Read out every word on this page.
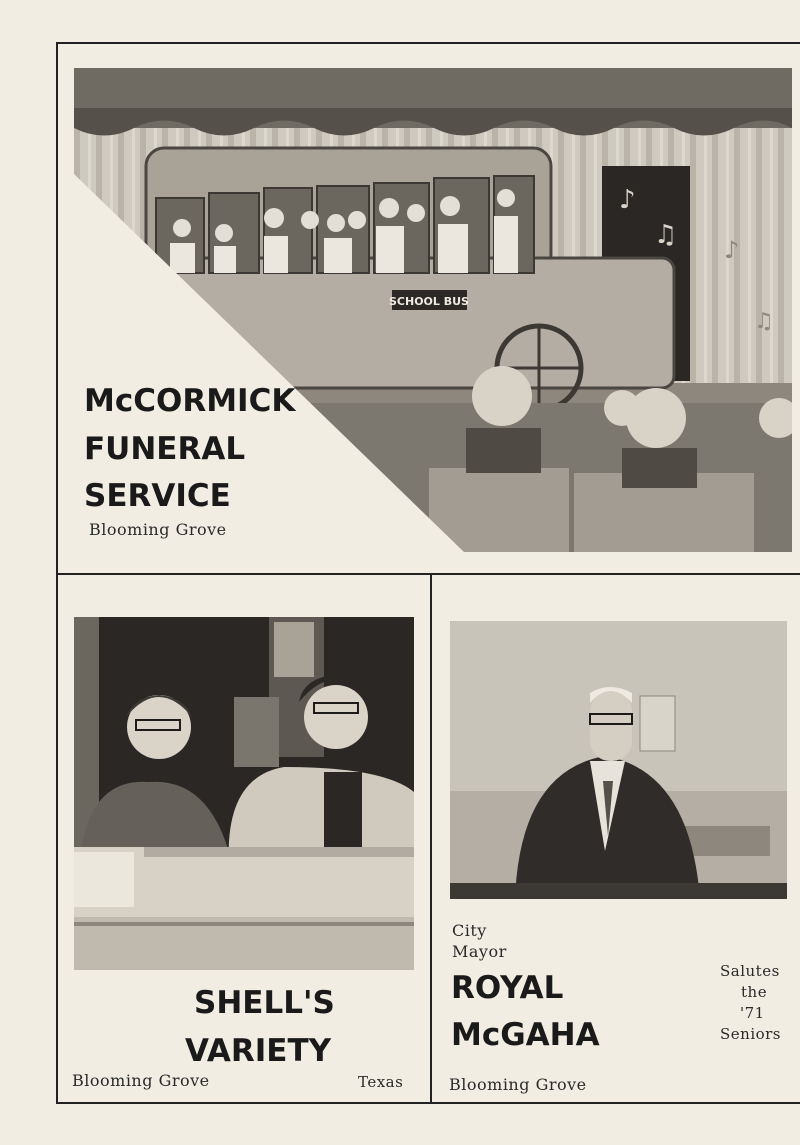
♪
♫ ♪
♫
SCHOOL BUS
McCORMICK
FUNERAL
SERVICE
Blooming Grove
SHELL'S
VARIETY
Blooming Grove	Texas
City
Mayor
ROYAL
McGAHA
Blooming Grove
Salutes
the
'71
Seniors
